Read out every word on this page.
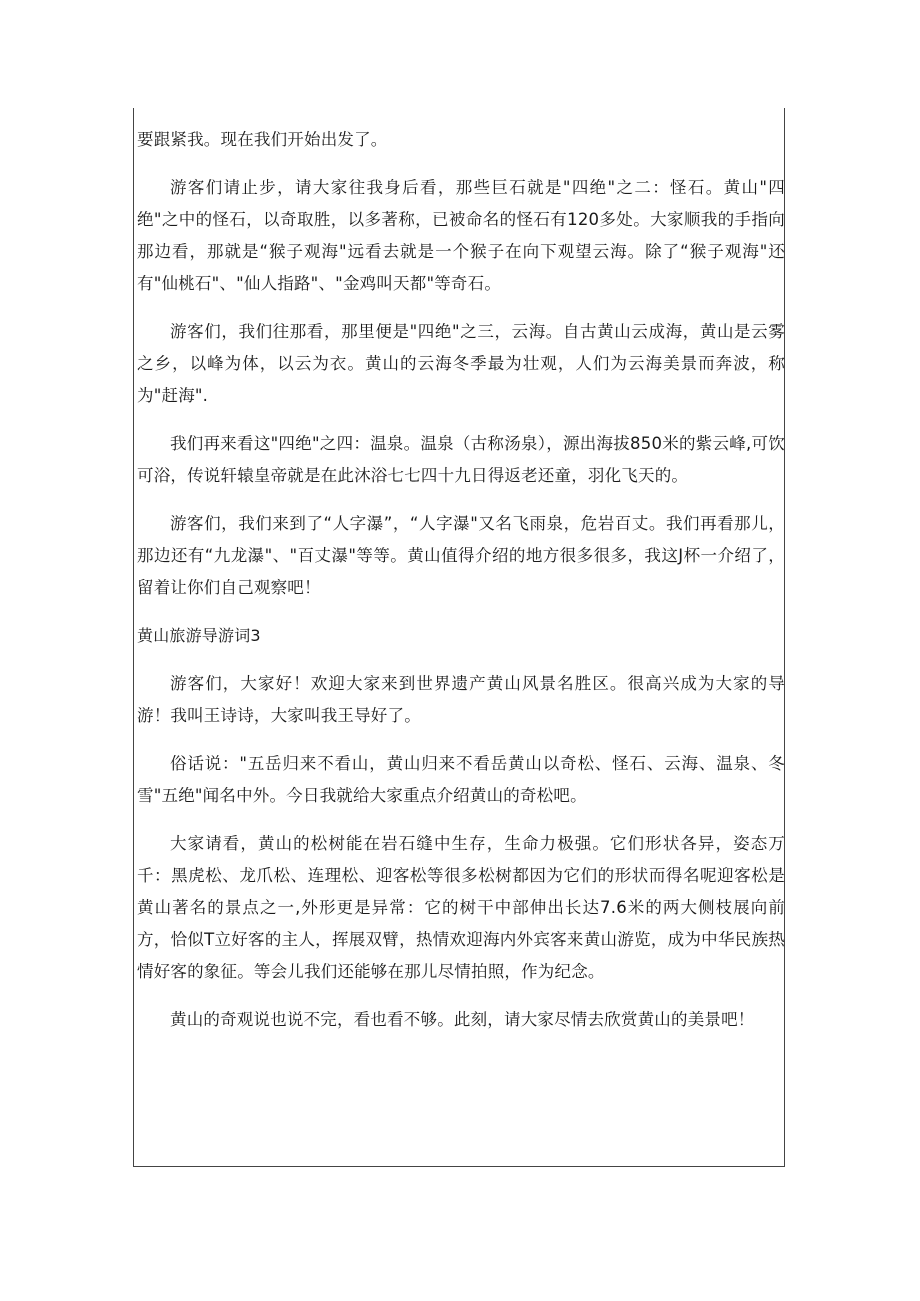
要跟紧我。现在我们开始出发了。

游客们请止步，请大家往我身后看，那些巨石就是"四绝"之二：怪石。黄山"四绝"之中的怪石，以奇取胜，以多著称，已被命名的怪石有120多处。大家顺我的手指向那边看，那就是“猴子观海"远看去就是一个猴子在向下观望云海。除了“猴子观海"还有"仙桃石"、"仙人指路"、"金鸡叫天都"等奇石。

游客们，我们往那看，那里便是"四绝"之三，云海。自古黄山云成海，黄山是云雾之乡，以峰为体，以云为衣。黄山的云海冬季最为壮观，人们为云海美景而奔波，称为"赶海".

我们再来看这"四绝"之四：温泉。温泉（古称汤泉），源出海拔850米的紫云峰,可饮可浴，传说轩辕皇帝就是在此沐浴七七四十九日得返老还童，羽化飞天的。

游客们，我们来到了“人字瀑”，“人字瀑"又名飞雨泉，危岩百丈。我们再看那儿，那边还有“九龙瀑"、"百丈瀑"等等。黄山值得介绍的地方很多很多，我这J杯一介绍了，留着让你们自己观察吧！

黄山旅游导游词3

游客们，大家好！欢迎大家来到世界遗产黄山风景名胜区。很高兴成为大家的导游！我叫王诗诗，大家叫我王导好了。

俗话说："五岳归来不看山，黄山归来不看岳黄山以奇松、怪石、云海、温泉、冬雪"五绝"闻名中外。今日我就给大家重点介绍黄山的奇松吧。

大家请看，黄山的松树能在岩石缝中生存，生命力极强。它们形状各异，姿态万千：黑虎松、龙爪松、连理松、迎客松等很多松树都因为它们的形状而得名呢迎客松是黄山著名的景点之一,外形更是异常：它的树干中部伸出长达7.6米的两大侧枝展向前方，恰似T立好客的主人，挥展双臂，热情欢迎海内外宾客来黄山游览，成为中华民族热情好客的象征。等会儿我们还能够在那儿尽情拍照，作为纪念。

黄山的奇观说也说不完，看也看不够。此刻，请大家尽情去欣赏黄山的美景吧！
